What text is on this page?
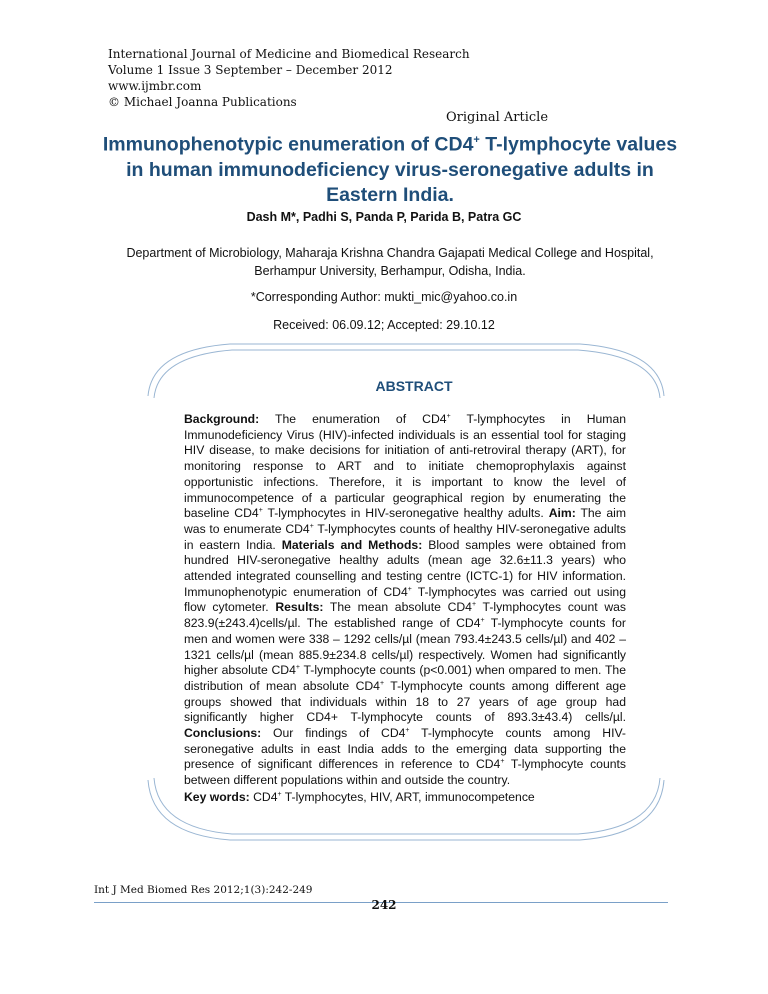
International Journal of Medicine and Biomedical Research
Volume 1 Issue 3 September – December 2012
www.ijmbr.com
© Michael Joanna Publications
Original Article
Immunophenotypic enumeration of CD4+ T-lymphocyte values in human immunodeficiency virus-seronegative adults in Eastern India.
Dash M*, Padhi S, Panda P, Parida B, Patra GC
Department of Microbiology, Maharaja Krishna Chandra Gajapati Medical College and Hospital,
Berhampur University, Berhampur, Odisha, India.
*Corresponding Author: mukti_mic@yahoo.co.in
Received: 06.09.12; Accepted: 29.10.12
ABSTRACT
Background: The enumeration of CD4+ T-lymphocytes in Human Immunodeficiency Virus (HIV)-infected individuals is an essential tool for staging HIV disease, to make decisions for initiation of anti-retroviral therapy (ART), for monitoring response to ART and to initiate chemoprophylaxis against opportunistic infections. Therefore, it is important to know the level of immunocompetence of a particular geographical region by enumerating the baseline CD4+ T-lymphocytes in HIV-seronegative healthy adults. Aim: The aim was to enumerate CD4+ T-lymphocytes counts of healthy HIV-seronegative adults in eastern India. Materials and Methods: Blood samples were obtained from hundred HIV-seronegative healthy adults (mean age 32.6±11.3 years) who attended integrated counselling and testing centre (ICTC-1) for HIV information. Immunophenotypic enumeration of CD4+ T-lymphocytes was carried out using flow cytometer. Results: The mean absolute CD4+ T-lymphocytes count was 823.9(±243.4)cells/µl. The established range of CD4+ T-lymphocyte counts for men and women were 338 – 1292 cells/µl (mean 793.4±243.5 cells/µl) and 402 – 1321 cells/µl (mean 885.9±234.8 cells/µl) respectively. Women had significantly higher absolute CD4+ T-lymphocyte counts (p<0.001) when ompared to men. The distribution of mean absolute CD4+ T-lymphocyte counts among different age groups showed that individuals within 18 to 27 years of age group had significantly higher CD4+ T-lymphocyte counts of 893.3±43.4) cells/µl. Conclusions: Our findings of CD4+ T-lymphocyte counts among HIV-seronegative adults in east India adds to the emerging data supporting the presence of significant differences in reference to CD4+ T-lymphocyte counts between different populations within and outside the country.
Key words: CD4+ T-lymphocytes, HIV, ART, immunocompetence
Int J Med Biomed Res 2012;1(3):242-249
242
